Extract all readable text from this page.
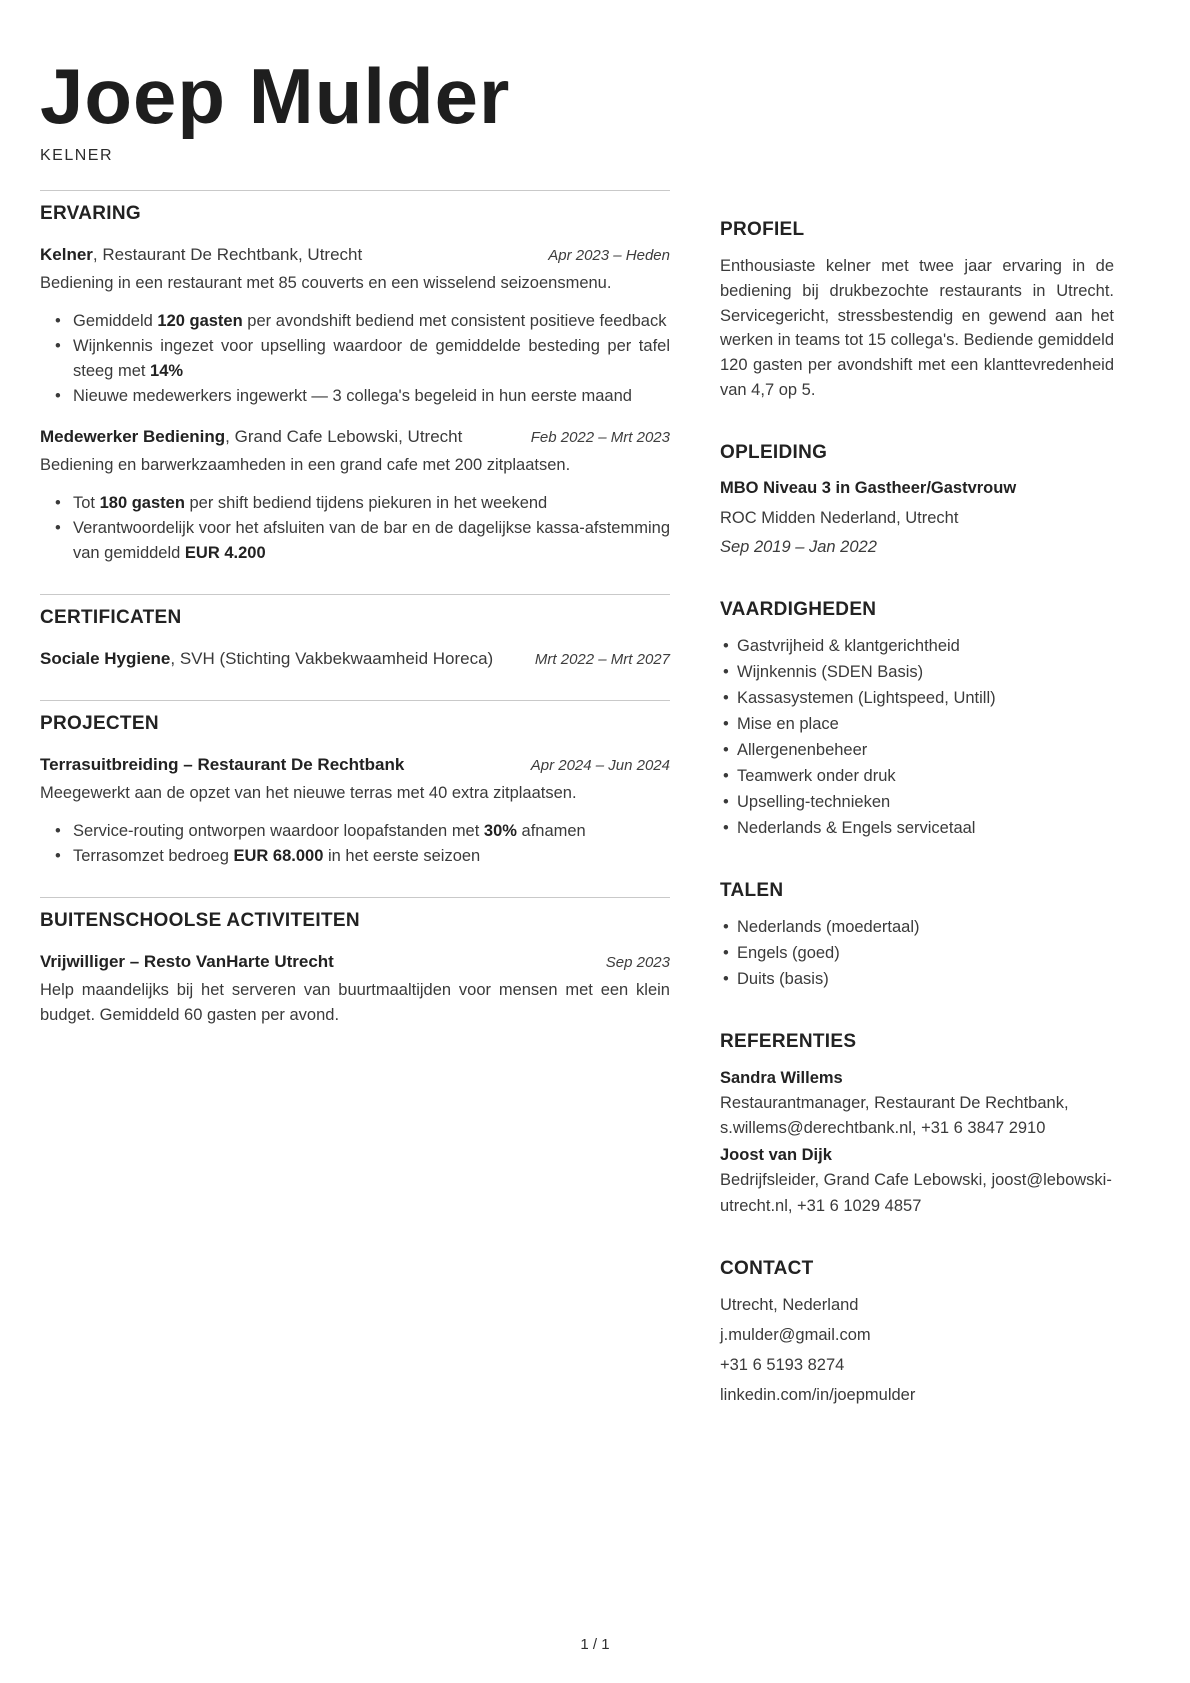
Joep Mulder
KELNER
ERVARING
Kelner, Restaurant De Rechtbank, Utrecht	Apr 2023 – Heden

Bediening in een restaurant met 85 couverts en een wisselend seizoensmenu.

• Gemiddeld 120 gasten per avondshift bediend met consistent positieve feedback
• Wijnkennis ingezet voor upselling waardoor de gemiddelde besteding per tafel steeg met 14%
• Nieuwe medewerkers ingewerkt — 3 collega's begeleid in hun eerste maand
Medewerker Bediening, Grand Cafe Lebowski, Utrecht	Feb 2022 – Mrt 2023

Bediening en barwerkzaamheden in een grand cafe met 200 zitplaatsen.

• Tot 180 gasten per shift bediend tijdens piekuren in het weekend
• Verantwoordelijk voor het afsluiten van de bar en de dagelijkse kassa-afstemming van gemiddeld EUR 4.200
CERTIFICATEN
Sociale Hygiene, SVH (Stichting Vakbekwaamheid Horeca)	Mrt 2022 – Mrt 2027
PROJECTEN
Terrasuitbreiding – Restaurant De Rechtbank	Apr 2024 – Jun 2024

Meegewerkt aan de opzet van het nieuwe terras met 40 extra zitplaatsen.

• Service-routing ontworpen waardoor loopafstanden met 30% afnamen
• Terrasomzet bedroeg EUR 68.000 in het eerste seizoen
BUITENSCHOOLSE ACTIVITEITEN
Vrijwilliger – Resto VanHarte Utrecht	Sep 2023

Help maandelijks bij het serveren van buurtmaaltijden voor mensen met een klein budget. Gemiddeld 60 gasten per avond.

PROFIEL

Enthousiaste kelner met twee jaar ervaring in de bediening bij drukbezochte restaurants in Utrecht. Servicegericht, stressbestendig en gewend aan het werken in teams tot 15 collega's. Bediende gemiddeld 120 gasten per avondshift met een klanttevredenheid van 4,7 op 5.

OPLEIDING

MBO Niveau 3 in Gastheer/Gastvrouw

ROC Midden Nederland, Utrecht

Sep 2019 – Jan 2022

VAARDIGHEDEN
• Gastvrijheid & klantgerichtheid
• Wijnkennis (SDEN Basis)
• Kassasystemen (Lightspeed, Untill)
• Mise en place
• Allergenenbeheer
• Teamwerk onder druk
• Upselling-technieken
• Nederlands & Engels servicetaal
TALEN
• Nederlands (moedertaal)
• Engels (goed)
• Duits (basis)
REFERENTIES

Sandra Willems

Restaurantmanager, Restaurant De Rechtbank, s.willems@derechtbank.nl, +31 6 3847 2910

Joost van Dijk

Bedrijfsleider, Grand Cafe Lebowski, joost@lebowski-utrecht.nl, +31 6 1029 4857

CONTACT

Utrecht, Nederland

j.mulder@gmail.com

+31 6 5193 8274

linkedin.com/in/joepmulder

1 / 1
